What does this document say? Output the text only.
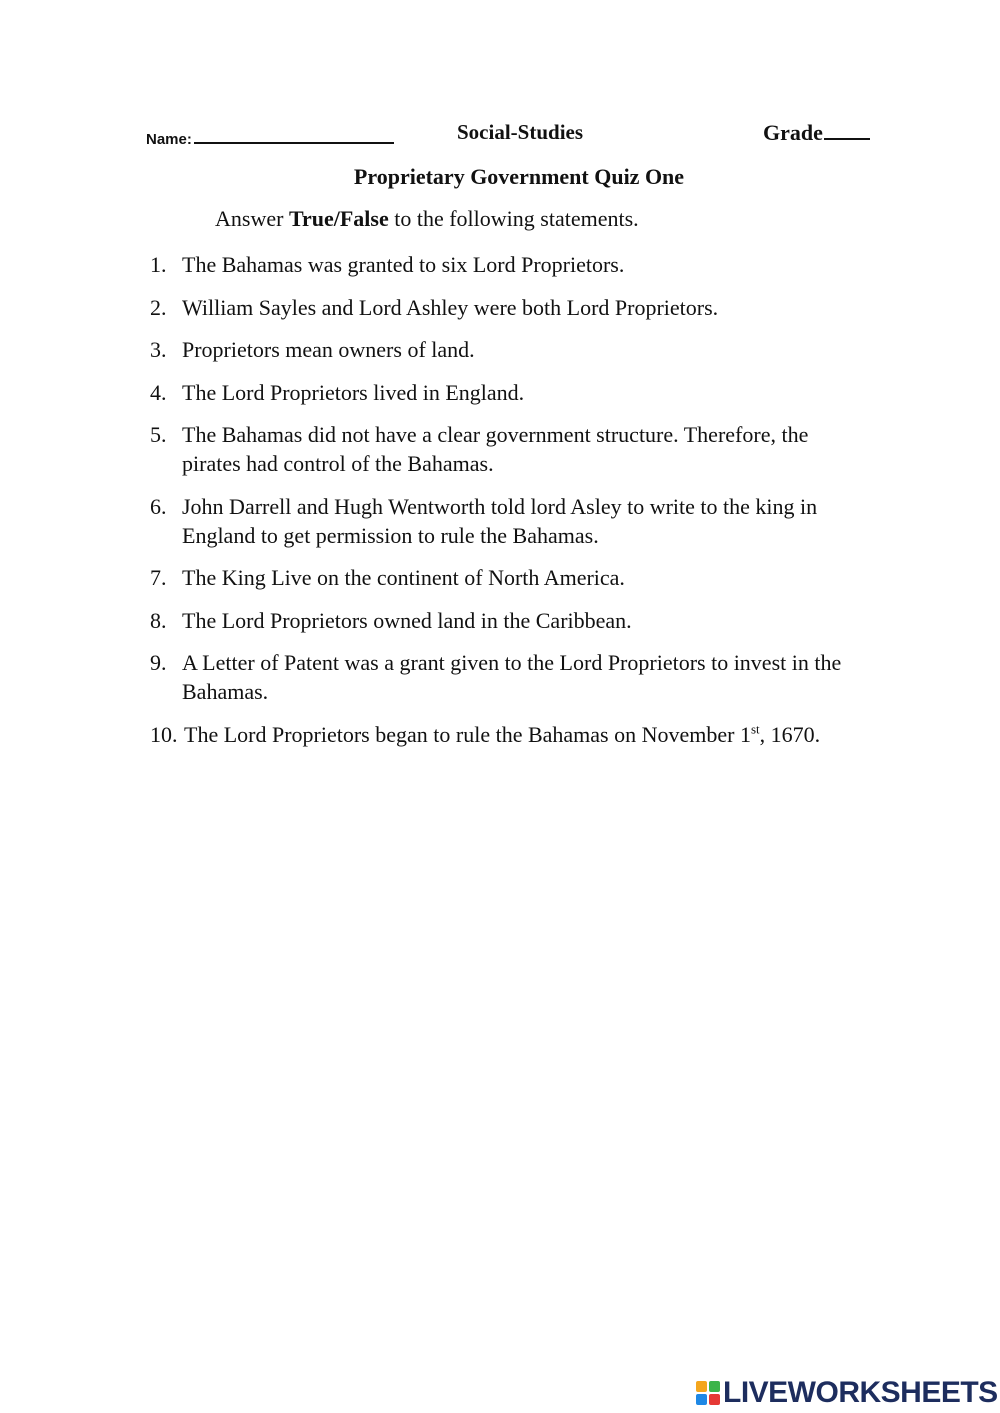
Name:	Social-Studies	Grade
Proprietary Government Quiz One
Answer True/False to the following statements.
1. The Bahamas was granted to six Lord Proprietors.
2. William Sayles and Lord Ashley were both Lord Proprietors.
3. Proprietors mean owners of land.
4. The Lord Proprietors lived in England.
5. The Bahamas did not have a clear government structure. Therefore, the pirates had control of the Bahamas.
6. John Darrell and Hugh Wentworth told lord Asley to write to the king in England to get permission to rule the Bahamas.
7. The King Live on the continent of North America.
8. The Lord Proprietors owned land in the Caribbean.
9. A Letter of Patent was a grant given to the Lord Proprietors to invest in the Bahamas.
10. The Lord Proprietors began to rule the Bahamas on November 1st, 1670.
LIVEWORKSHEETS
